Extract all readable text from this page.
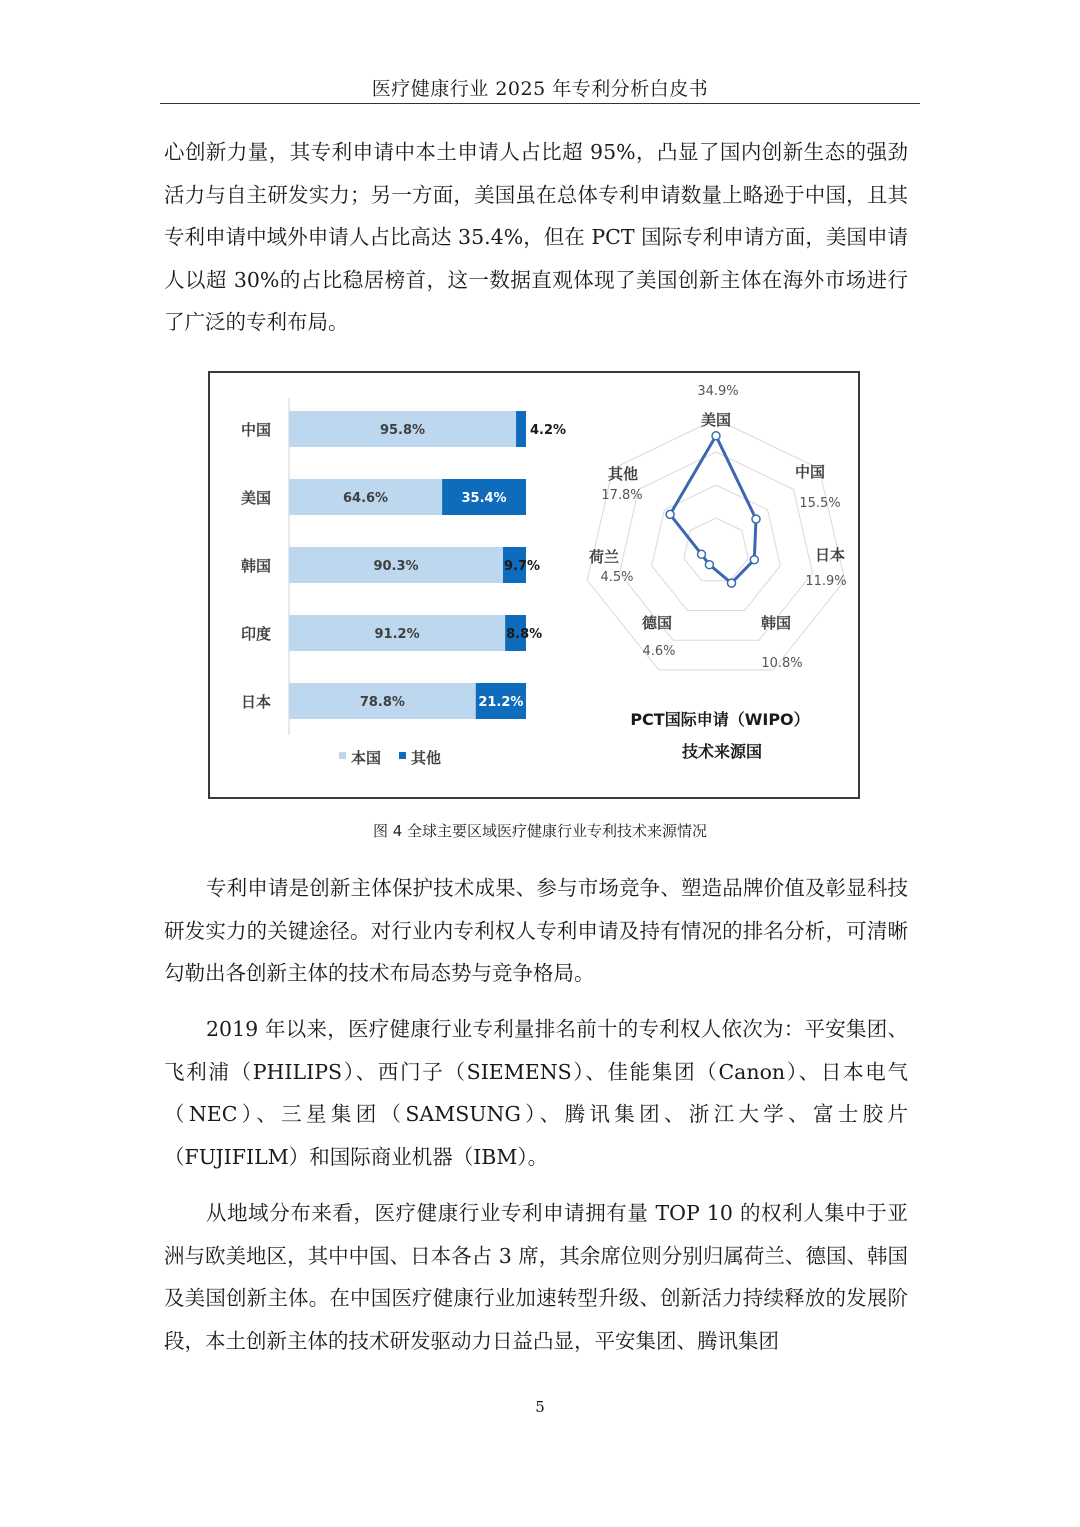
医疗健康行业 2025 年专利分析白皮书

心创新力量，其专利申请中本土申请人占比超 95%，凸显了国内创新生态的强劲活力与自主研发实力；另一方面，美国虽在总体专利申请数量上略逊于中国，且其专利申请中域外申请人占比高达 35.4%，但在 PCT 国际专利申请方面，美国申请人以超 30%的占比稳居榜首，这一数据直观体现了美国创新主体在海外市场进行了广泛的专利布局。

中国	95.8%	4.2%
美国	64.6%	35.4%
韩国	90.3%	9.7%
印度	91.2%	8.8%
日本	78.8%	21.2%
本国 其他
美国
34.9%
中国
15.5%
日本
11.9%
韩国
10.8%
德国
4.6%
荷兰
4.5%
其他
17.8%
PCT国际申请（WIPO）
技术来源国
图 4 全球主要区域医疗健康行业专利技术来源情况

专利申请是创新主体保护技术成果、参与市场竞争、塑造品牌价值及彰显科技研发实力的关键途径。对行业内专利权人专利申请及持有情况的排名分析，可清晰勾勒出各创新主体的技术布局态势与竞争格局。

2019 年以来，医疗健康行业专利量排名前十的专利权人依次为：平安集团、飞利浦（PHILIPS）、西门子（SIEMENS）、佳能集团（Canon）、日本电气（NEC）、三星集团（SAMSUNG）、腾讯集团、浙江大学、富士胶片（FUJIFILM）和国际商业机器（IBM）。

从地域分布来看，医疗健康行业专利申请拥有量 TOP 10 的权利人集中于亚洲与欧美地区，其中中国、日本各占 3 席，其余席位则分别归属荷兰、德国、韩国及美国创新主体。在中国医疗健康行业加速转型升级、创新活力持续释放的发展阶段，本土创新主体的技术研发驱动力日益凸显，平安集团、腾讯集团

5
